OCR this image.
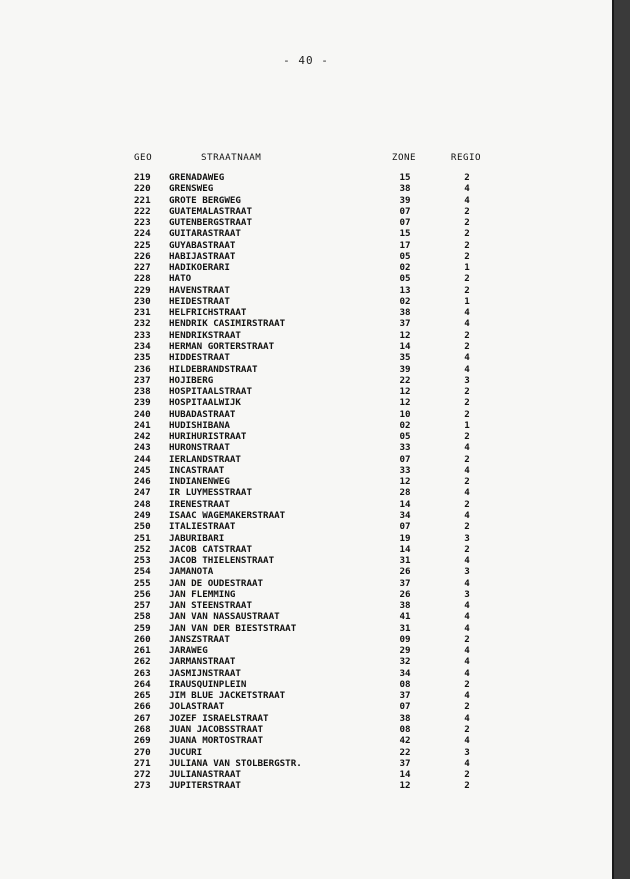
- 40 -
GEO	STRAATNAAM	ZONE	REGIO
219 GRENADAWEG	15	2
220 GRENSWEG	38	4
221 GROTE BERGWEG	39	4
222 GUATEMALASTRAAT	07	2
223 GUTENBERGSTRAAT	07	2
224 GUITARASTRAAT	15	2
225 GUYABASTRAAT	17	2
226 HABIJASTRAAT	05	2
227 HADIKOERARI	02	1
228 HATO	05	2
229 HAVENSTRAAT	13	2
230 HEIDESTRAAT	02	1
231 HELFRICHSTRAAT	38	4
232 HENDRIK CASIMIRSTRAAT	37	4
233 HENDRIKSTRAAT	12	2
234 HERMAN GORTERSTRAAT	14	2
235 HIDDESTRAAT	35	4
236 HILDEBRANDSTRAAT	39	4
237 HOJIBERG	22	3
238 HOSPITAALSTRAAT	12	2
239 HOSPITAALWIJK	12	2
240 HUBADASTRAAT	10	2
241 HUDISHIBANA	02	1
242 HURIHURISTRAAT	05	2
243 HURONSTRAAT	33	4
244 IERLANDSTRAAT	07	2
245 INCASTRAAT	33	4
246 INDIANENWEG	12	2
247 IR LUYMESSTRAAT	28	4
248 IRENESTRAAT	14	2
249 ISAAC WAGEMAKERSTRAAT	34	4
250 ITALIESTRAAT	07	2
251 JABURIBARI	19	3
252 JACOB CATSTRAAT	14	2
253 JACOB THIELENSTRAAT	31	4
254 JAMANOTA	26	3
255 JAN DE OUDESTRAAT	37	4
256 JAN FLEMMING	26	3
257 JAN STEENSTRAAT	38	4
258 JAN VAN NASSAUSTRAAT	41	4
259 JAN VAN DER BIESTSTRAAT	31	4
260 JANSZSTRAAT	09	2
261 JARAWEG	29	4
262 JARMANSTRAAT	32	4
263 JASMIJNSTRAAT	34	4
264 IRAUSQUINPLEIN	08	2
265 JIM BLUE JACKETSTRAAT	37	4
266 JOLASTRAAT	07	2
267 JOZEF ISRAELSTRAAT	38	4
268 JUAN JACOBSSTRAAT	08	2
269 JUANA MORTOSTRAAT	42	4
270 JUCURI	22	3
271 JULIANA VAN STOLBERGSTR.	37	4
272 JULIANASTRAAT	14	2
273 JUPITERSTRAAT	12	2
